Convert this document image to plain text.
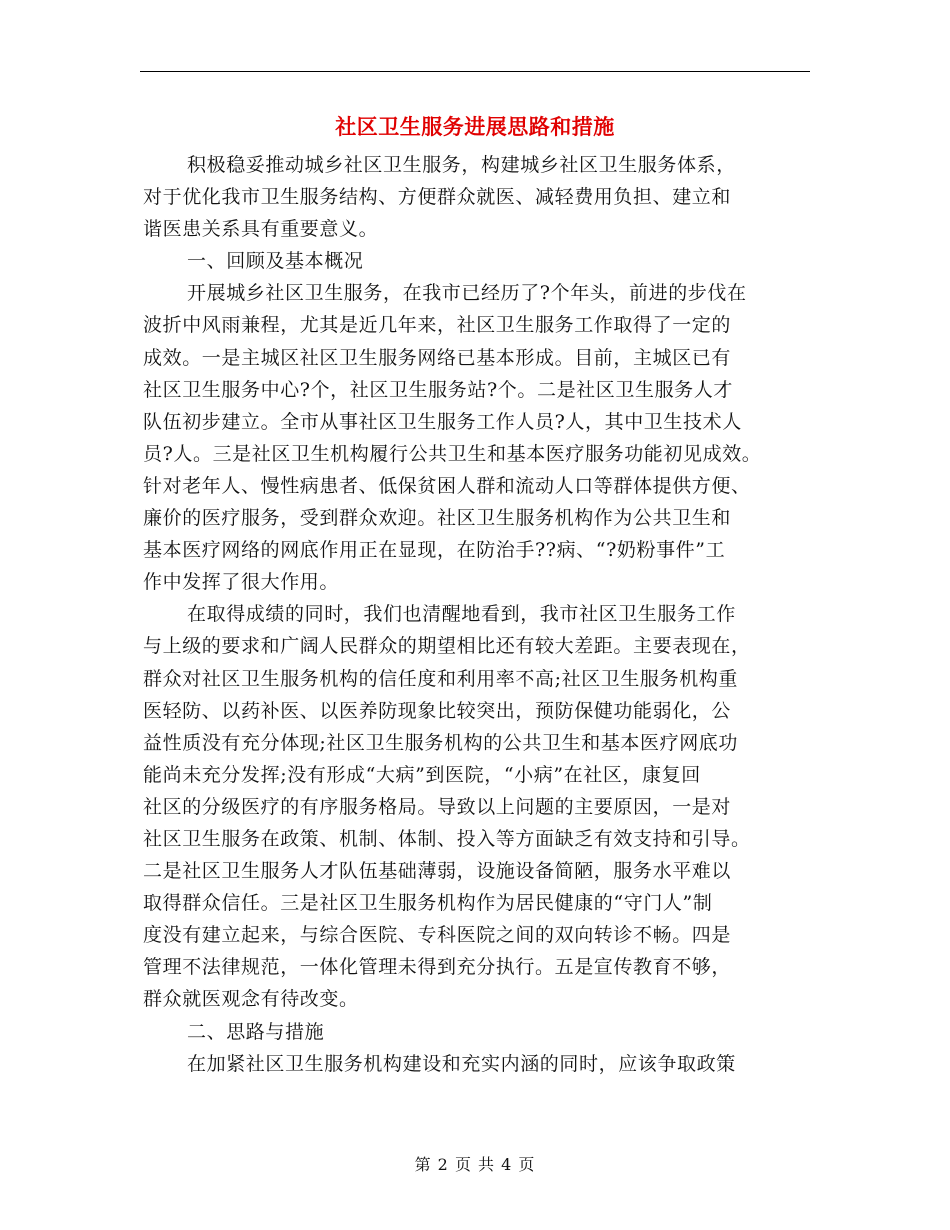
社区卫生服务进展思路和措施
积极稳妥推动城乡社区卫生服务，构建城乡社区卫生服务体系，
对于优化我市卫生服务结构、方便群众就医、减轻费用负担、建立和
谐医患关系具有重要意义。
一、回顾及基本概况
开展城乡社区卫生服务，在我市已经历了?个年头，前进的步伐在
波折中风雨兼程，尤其是近几年来，社区卫生服务工作取得了一定的
成效。一是主城区社区卫生服务网络已基本形成。目前，主城区已有
社区卫生服务中心?个，社区卫生服务站?个。二是社区卫生服务人才
队伍初步建立。全市从事社区卫生服务工作人员?人，其中卫生技术人
员?人。三是社区卫生机构履行公共卫生和基本医疗服务功能初见成效。
针对老年人、慢性病患者、低保贫困人群和流动人口等群体提供方便、
廉价的医疗服务，受到群众欢迎。社区卫生服务机构作为公共卫生和
基本医疗网络的网底作用正在显现，在防治手??病、“?奶粉事件”工
作中发挥了很大作用。
在取得成绩的同时，我们也清醒地看到，我市社区卫生服务工作
与上级的要求和广阔人民群众的期望相比还有较大差距。主要表现在，
群众对社区卫生服务机构的信任度和利用率不高;社区卫生服务机构重
医轻防、以药补医、以医养防现象比较突出，预防保健功能弱化，公
益性质没有充分体现;社区卫生服务机构的公共卫生和基本医疗网底功
能尚未充分发挥;没有形成“大病”到医院，“小病”在社区，康复回
社区的分级医疗的有序服务格局。导致以上问题的主要原因，一是对
社区卫生服务在政策、机制、体制、投入等方面缺乏有效支持和引导。
二是社区卫生服务人才队伍基础薄弱，设施设备简陋，服务水平难以
取得群众信任。三是社区卫生服务机构作为居民健康的“守门人”制
度没有建立起来，与综合医院、专科医院之间的双向转诊不畅。四是
管理不法律规范，一体化管理未得到充分执行。五是宣传教育不够，
群众就医观念有待改变。
二、思路与措施
在加紧社区卫生服务机构建设和充实内涵的同时，应该争取政策
第 2 页 共 4 页
